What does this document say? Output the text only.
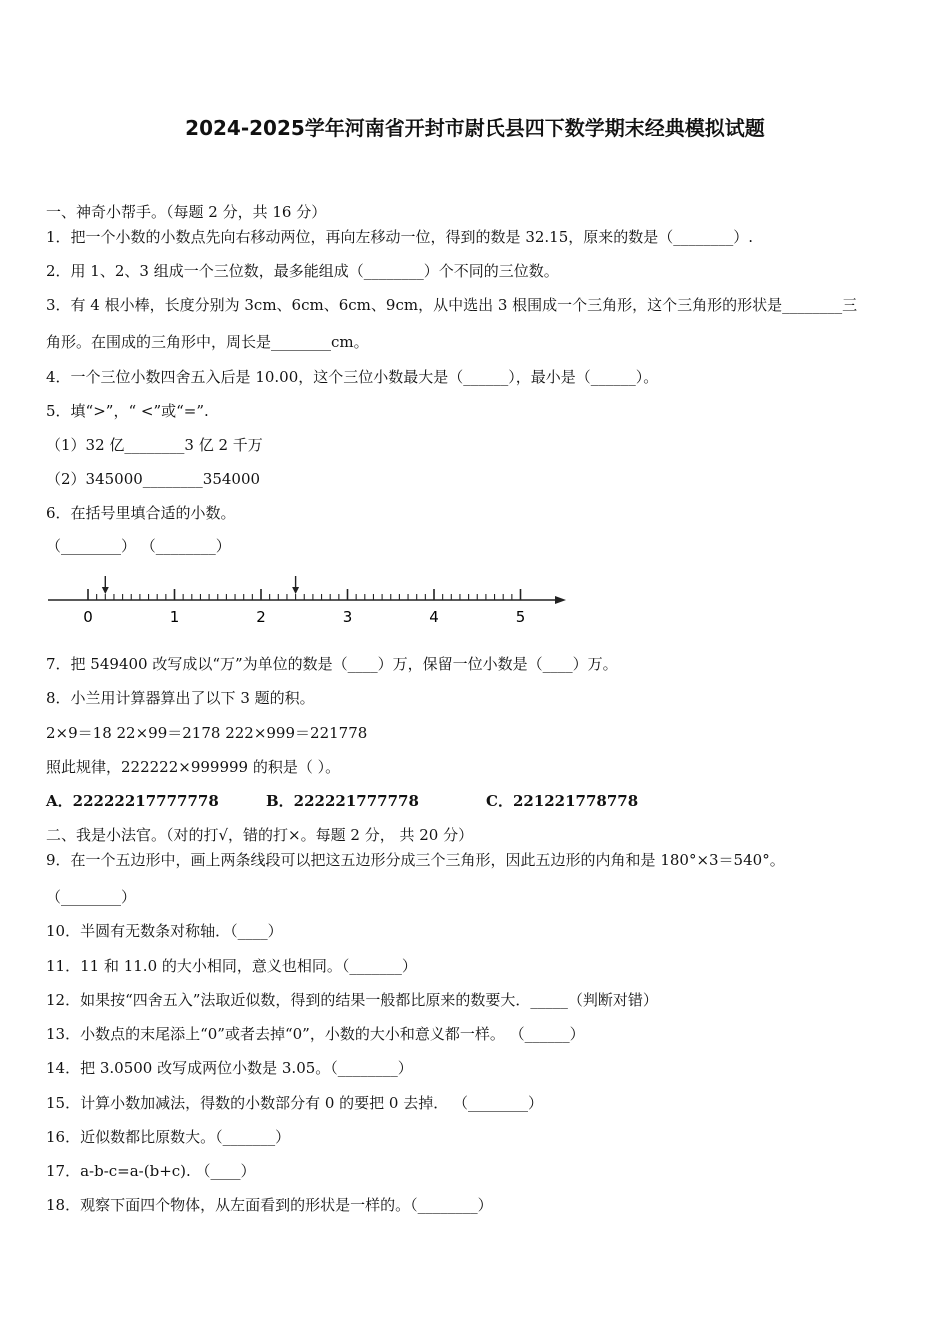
2024-2025学年河南省开封市尉氏县四下数学期末经典模拟试题
一、神奇小帮手。（每题 2 分，共 16 分）
1．把一个小数的小数点先向右移动两位，再向左移动一位，得到的数是 32.15，原来的数是（________）.
2．用 1、2、3 组成一个三位数，最多能组成（________）个不同的三位数。
3．有 4 根小棒，长度分别为 3cm、6cm、6cm、9cm，从中选出 3 根围成一个三角形，这个三角形的形状是________三
角形。在围成的三角形中，周长是________cm。
4．一个三位小数四舍五入后是 10.00，这个三位小数最大是（______），最小是（______）。
5．填“>”，“ <”或“=”.
（1）32 亿________3 亿 2 千万
（2）345000________354000
6．在括号里填合适的小数。
（________） （________）
0	1	2	3	4	5
7．把 549400 改写成以“万”为单位的数是（____）万，保留一位小数是（____）万。
8．小兰用计算器算出了以下 3 题的积。
2×9＝18 22×99＝2178 222×999＝221778
照此规律，222222×999999 的积是（ ）。
A．22222217777778	B．222221777778	C．221221778778
二、我是小法官。（对的打√，错的打×。每题 2 分， 共 20 分）
9．在一个五边形中，画上两条线段可以把这五边形分成三个三角形，因此五边形的内角和是 180°×3＝540°。
（________）
10．半圆有无数条对称轴．（____）
11．11 和 11.0 的大小相同，意义也相同。（_______）
12．如果按“四舍五入”法取近似数，得到的结果一般都比原来的数要大．_____（判断对错）
13．小数点的末尾添上“0”或者去掉“0”，小数的大小和意义都一样。 （______）
14．把 3.0500 改写成两位小数是 3.05。（________）
15．计算小数加减法，得数的小数部分有 0 的要把 0 去掉． （________）
16．近似数都比原数大。（_______）
17．a-b-c=a-(b+c). （____）
18．观察下面四个物体，从左面看到的形状是一样的。（________）
